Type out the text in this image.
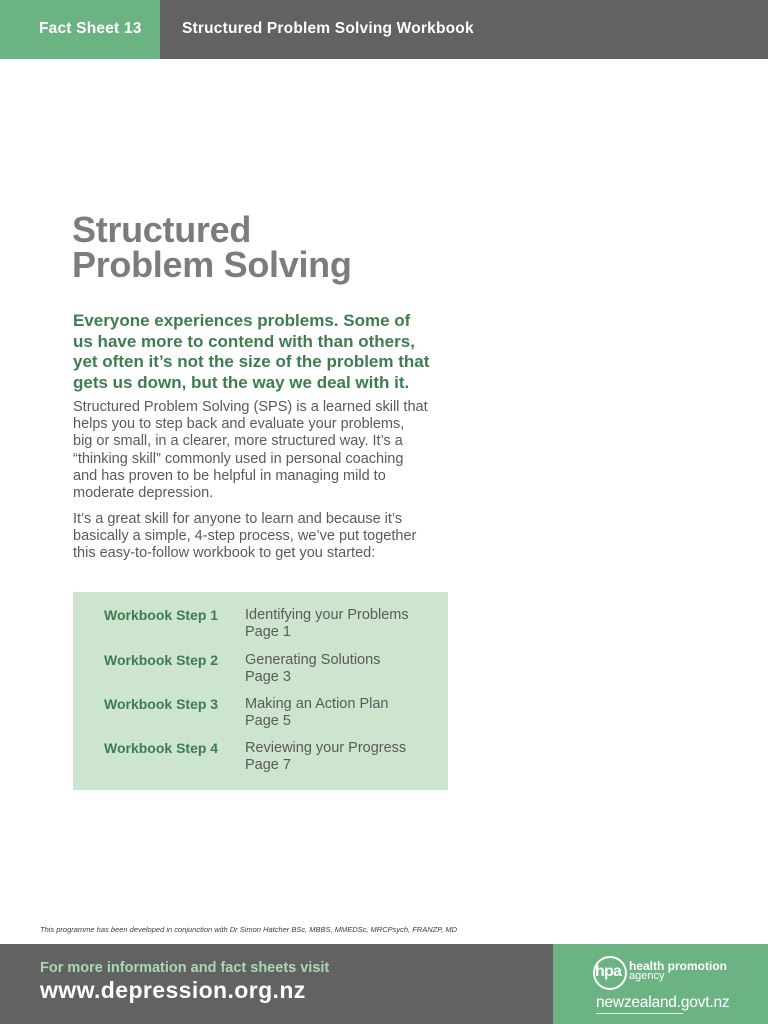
Fact Sheet 13	Structured Problem Solving Workbook
Structured
Problem Solving
Everyone experiences problems. Some of
us have more to contend with than others,
yet often it’s not the size of the problem that
gets us down, but the way we deal with it.
Structured Problem Solving (SPS) is a learned skill that
helps you to step back and evaluate your problems,
big or small, in a clearer, more structured way. It’s a
“thinking skill” commonly used in personal coaching
and has proven to be helpful in managing mild to
moderate depression.
It’s a great skill for anyone to learn and because it’s
basically a simple, 4-step process, we’ve put together
this easy-to-follow workbook to get you started:
Workbook Step 1 Identifying your Problems
Page 1
Workbook Step 2 Generating Solutions
Page 3
Workbook Step 3 Making an Action Plan
Page 5
Workbook Step 4 Reviewing your Progress
Page 7
This programme has been developed in conjunction with Dr Simon Hatcher BSc, MBBS, MMEDSc, MRCPsych, FRANZP, MD
For more information and fact sheets visit
www.depression.org.nz
hpa health promotion
agency
newzealand.govt.nz
